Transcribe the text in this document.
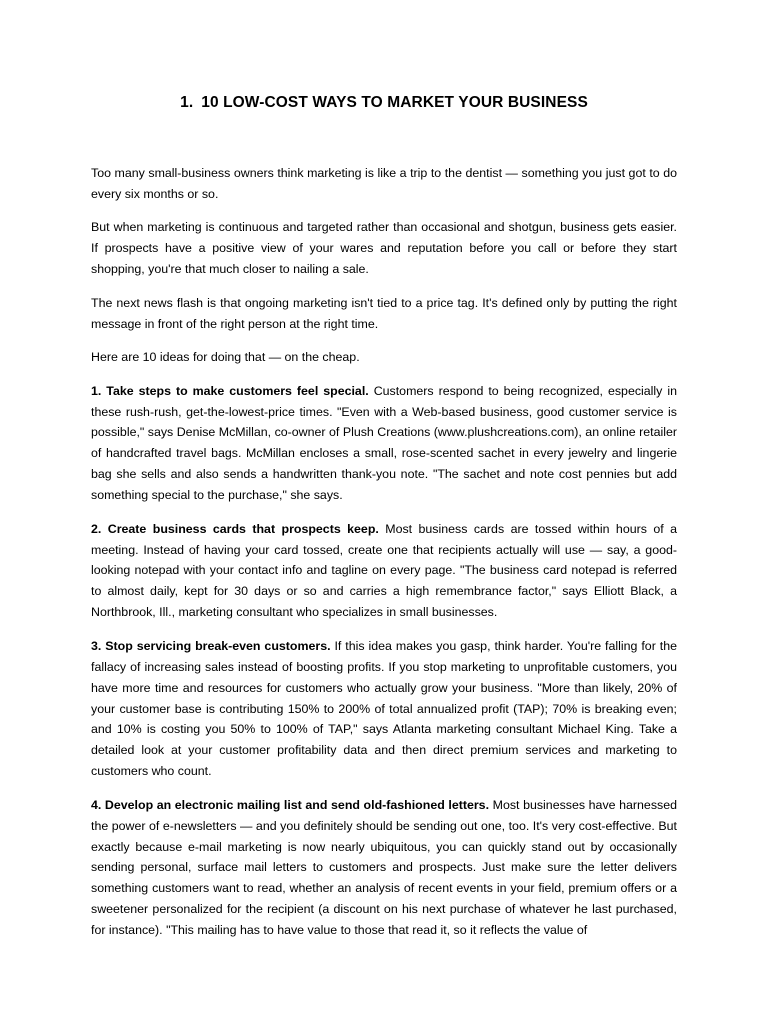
1. 10 LOW-COST WAYS TO MARKET YOUR BUSINESS

Too many small-business owners think marketing is like a trip to the dentist — something you just got to do every six months or so.

But when marketing is continuous and targeted rather than occasional and shotgun, business gets easier. If prospects have a positive view of your wares and reputation before you call or before they start shopping, you're that much closer to nailing a sale.

The next news flash is that ongoing marketing isn't tied to a price tag. It's defined only by putting the right message in front of the right person at the right time.

Here are 10 ideas for doing that — on the cheap.

1. Take steps to make customers feel special. Customers respond to being recognized, especially in these rush-rush, get-the-lowest-price times. "Even with a Web-based business, good customer service is possible," says Denise McMillan, co-owner of Plush Creations (www.plushcreations.com), an online retailer of handcrafted travel bags. McMillan encloses a small, rose-scented sachet in every jewelry and lingerie bag she sells and also sends a handwritten thank-you note. "The sachet and note cost pennies but add something special to the purchase," she says.

2. Create business cards that prospects keep. Most business cards are tossed within hours of a meeting. Instead of having your card tossed, create one that recipients actually will use — say, a good-looking notepad with your contact info and tagline on every page. "The business card notepad is referred to almost daily, kept for 30 days or so and carries a high remembrance factor," says Elliott Black, a Northbrook, Ill., marketing consultant who specializes in small businesses.

3. Stop servicing break-even customers. If this idea makes you gasp, think harder. You're falling for the fallacy of increasing sales instead of boosting profits. If you stop marketing to unprofitable customers, you have more time and resources for customers who actually grow your business. "More than likely, 20% of your customer base is contributing 150% to 200% of total annualized profit (TAP); 70% is breaking even; and 10% is costing you 50% to 100% of TAP," says Atlanta marketing consultant Michael King. Take a detailed look at your customer profitability data and then direct premium services and marketing to customers who count.

4. Develop an electronic mailing list and send old-fashioned letters. Most businesses have harnessed the power of e-newsletters — and you definitely should be sending out one, too. It's very cost-effective. But exactly because e-mail marketing is now nearly ubiquitous, you can quickly stand out by occasionally sending personal, surface mail letters to customers and prospects. Just make sure the letter delivers something customers want to read, whether an analysis of recent events in your field, premium offers or a sweetener personalized for the recipient (a discount on his next purchase of whatever he last purchased, for instance). "This mailing has to have value to those that read it, so it reflects the value of
